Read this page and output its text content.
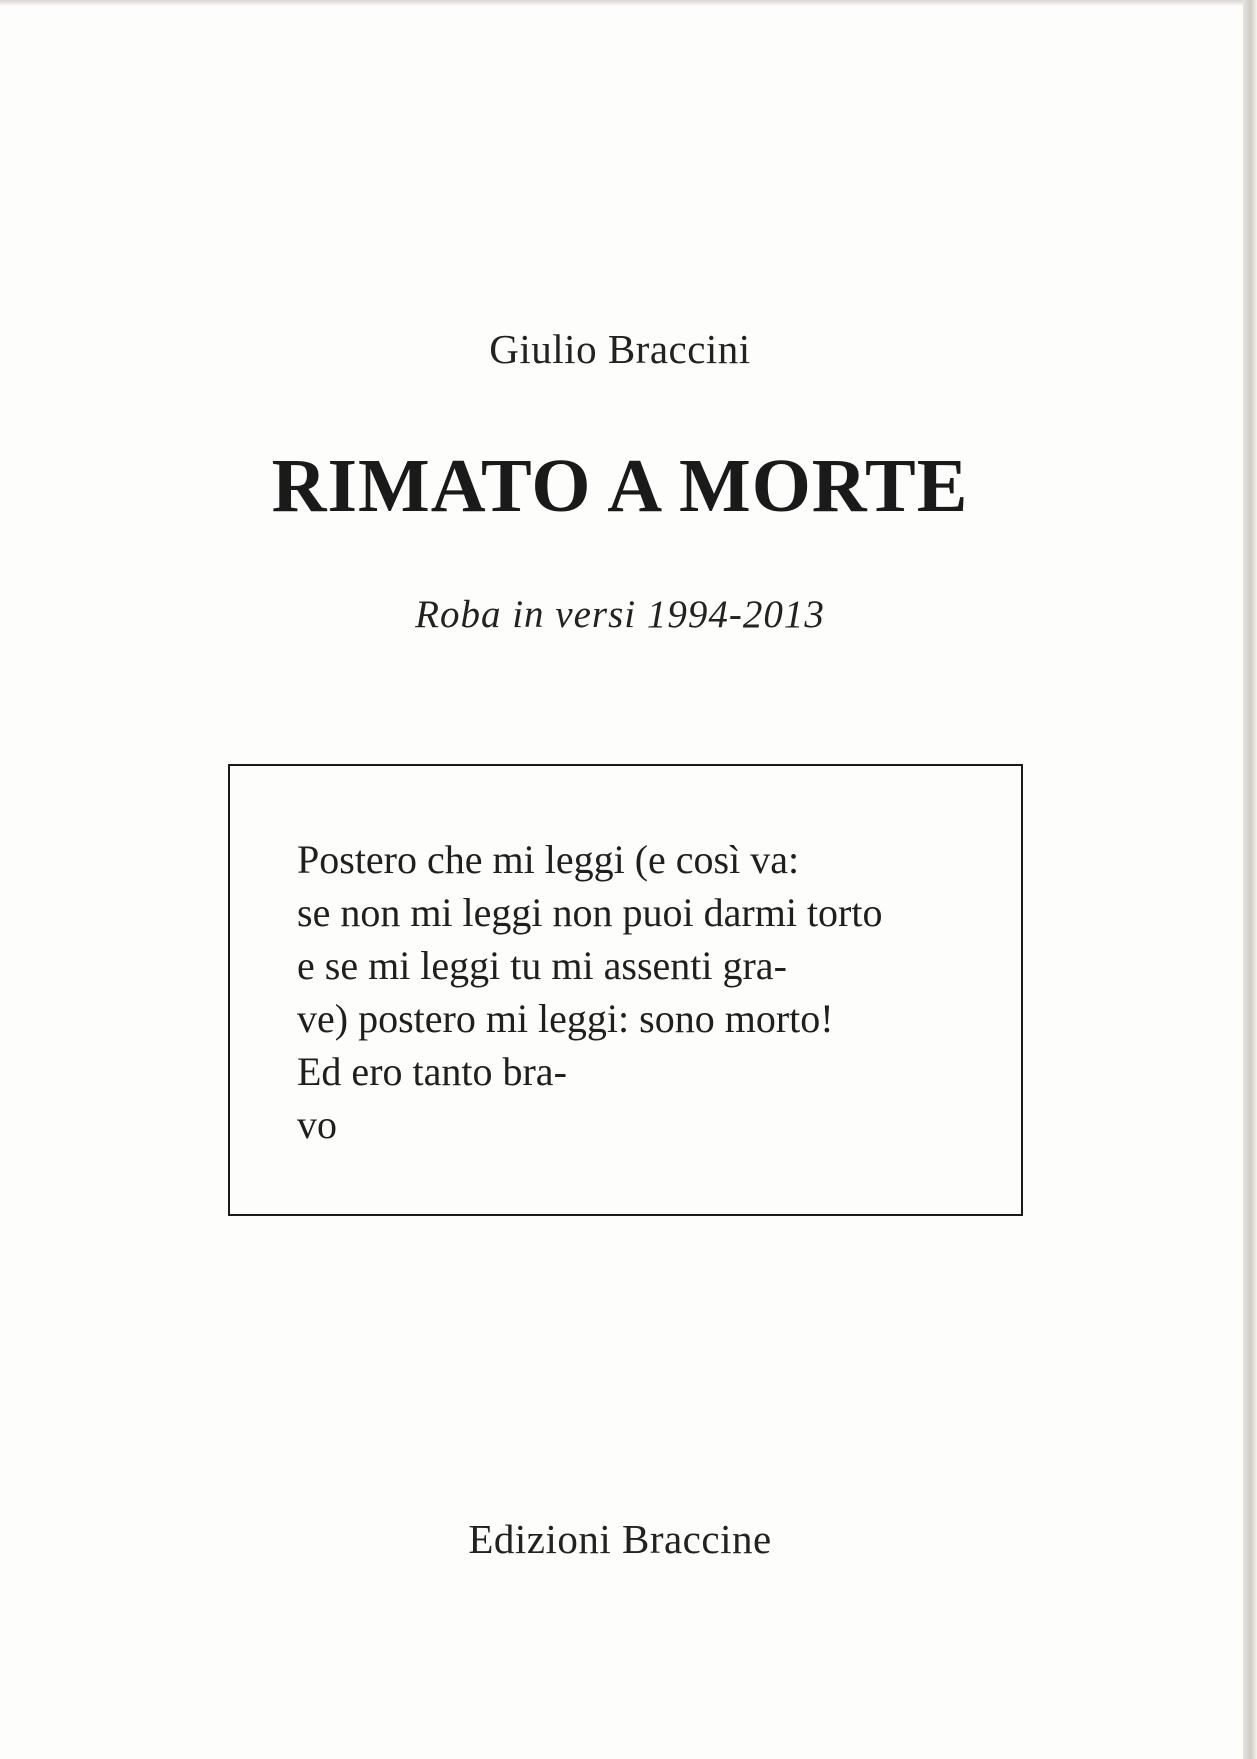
Giulio Braccini
RIMATO A MORTE
Roba in versi 1994-2013
Postero che mi leggi (e così va:
se non mi leggi non puoi darmi torto
e se mi leggi tu mi assenti gra-
ve) postero mi leggi: sono morto!
Ed ero tanto bra-
vo
Edizioni Braccine
